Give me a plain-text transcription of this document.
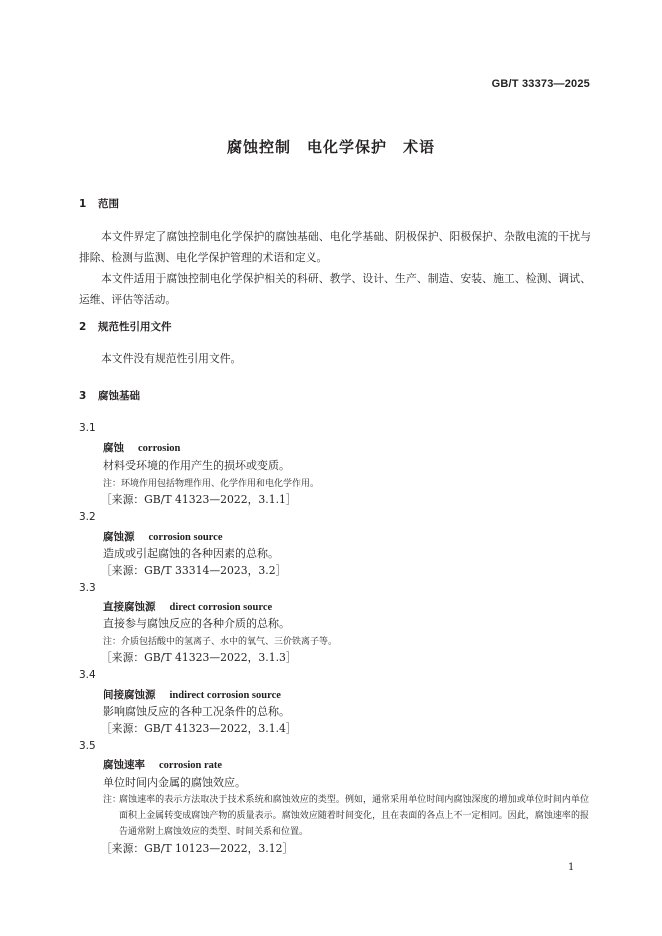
GB/T 33373—2025
腐蚀控制　电化学保护　术语
1 范围

本文件界定了腐蚀控制电化学保护的腐蚀基础、电化学基础、阴极保护、阳极保护、杂散电流的干扰与排除、检测与监测、电化学保护管理的术语和定义。

本文件适用于腐蚀控制电化学保护相关的科研、教学、设计、生产、制造、安装、施工、检测、调试、运维、评估等活动。

2 规范性引用文件

本文件没有规范性引用文件。

3 腐蚀基础
3.1
腐蚀 corrosion
材料受环境的作用产生的损坏或变质。
注：环境作用包括物理作用、化学作用和电化学作用。
［来源：GB/T 41323—2022，3.1.1］
3.2
腐蚀源 corrosion source
造成或引起腐蚀的各种因素的总称。
［来源：GB/T 33314—2023，3.2］
3.3
直接腐蚀源 direct corrosion source
直接参与腐蚀反应的各种介质的总称。
注：介质包括酸中的氢离子、水中的氧气、三价铁离子等。
［来源：GB/T 41323—2022，3.1.3］
3.4
间接腐蚀源 indirect corrosion source
影响腐蚀反应的各种工况条件的总称。
［来源：GB/T 41323—2022，3.1.4］
3.5
腐蚀速率 corrosion rate
单位时间内金属的腐蚀效应。
注：腐蚀速率的表示方法取决于技术系统和腐蚀效应的类型。例如，通常采用单位时间内腐蚀深度的增加或单位时间内单位面积上金属转变成腐蚀产物的质量表示。腐蚀效应随着时间变化，且在表面的各点上不一定相同。因此，腐蚀速率的报告通常附上腐蚀效应的类型、时间关系和位置。
［来源：GB/T 10123—2022，3.12］
1
